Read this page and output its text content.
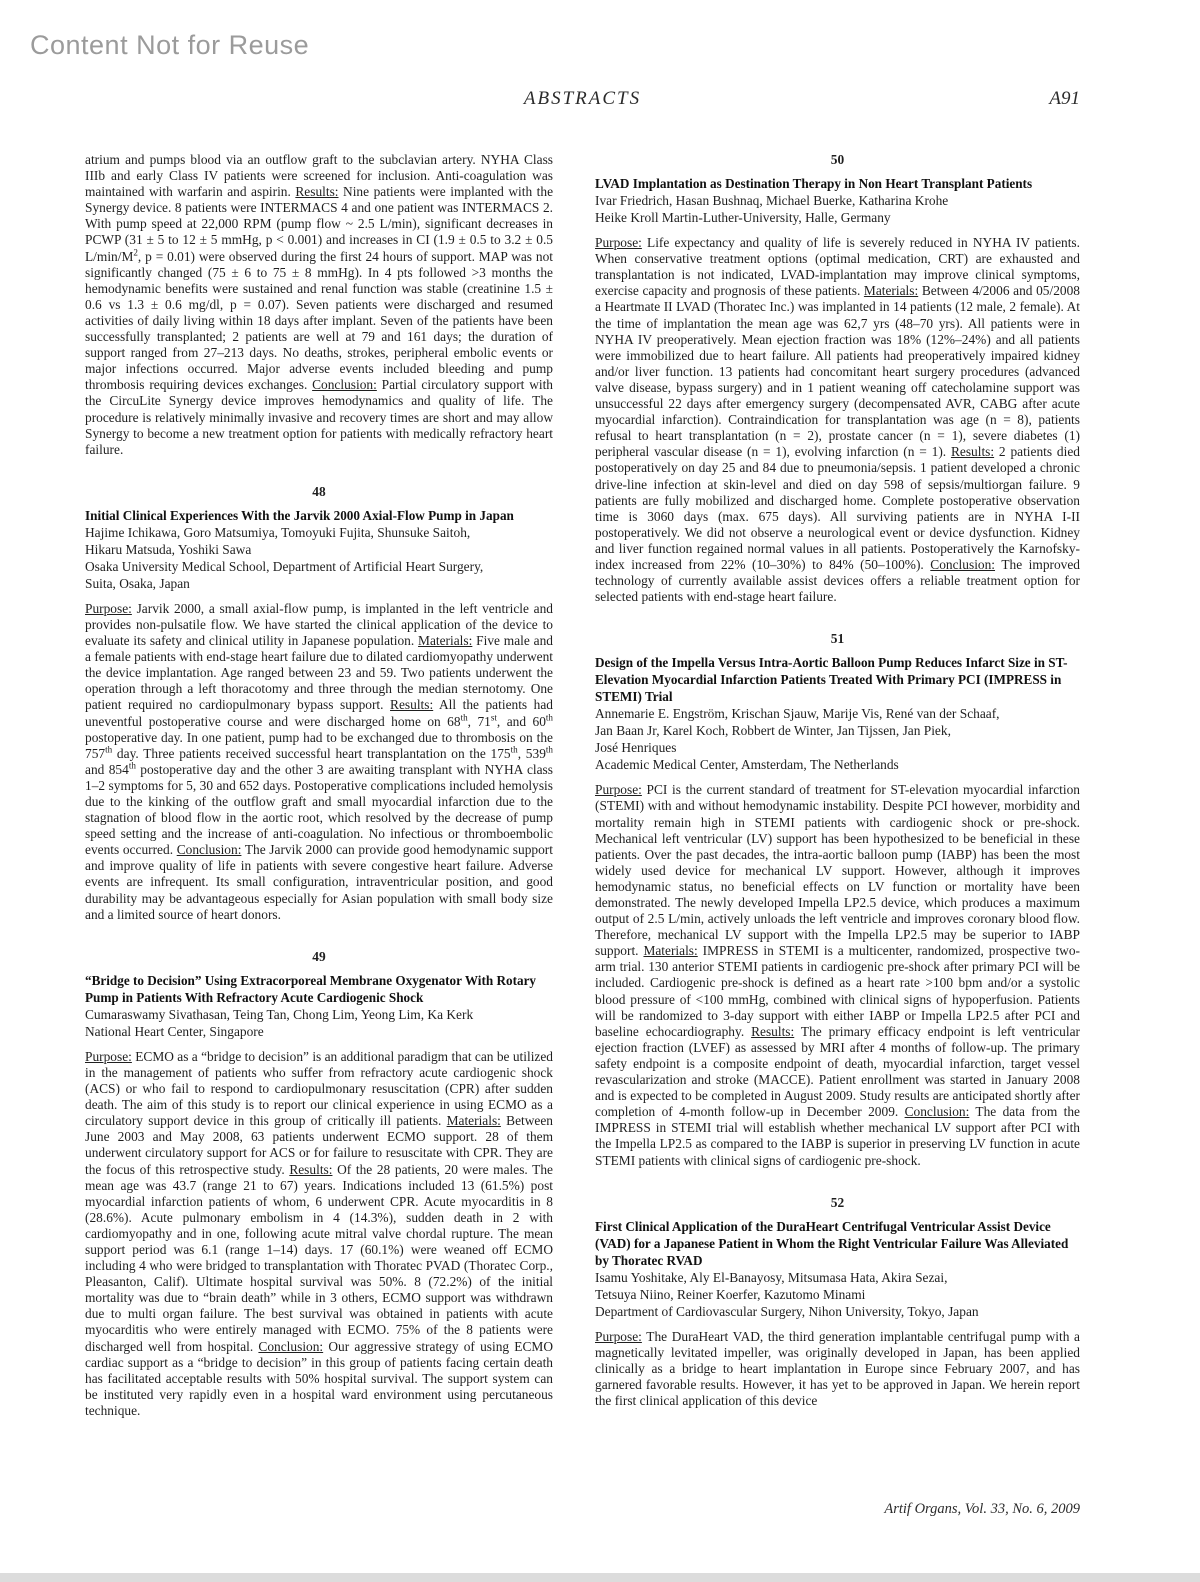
Content Not for Reuse
ABSTRACTS	A91

atrium and pumps blood via an outflow graft to the subclavian artery. NYHA Class IIIb and early Class IV patients were screened for inclusion. Anti-coagulation was maintained with warfarin and aspirin. Results: Nine patients were implanted with the Synergy device. 8 patients were INTERMACS 4 and one patient was INTERMACS 2. With pump speed at 22,000 RPM (pump flow ~ 2.5 L/min), significant decreases in PCWP (31 ± 5 to 12 ± 5 mmHg, p < 0.001) and increases in CI (1.9 ± 0.5 to 3.2 ± 0.5 $L/\min/M^2$, p = 0.01) were observed during the first 24 hours of support. MAP was not significantly changed (75 ± 6 to 75 ± 8 mmHg). In 4 pts followed >3 months the hemodynamic benefits were sustained and renal function was stable (creatinine 1.5 ± 0.6 vs 1.3 ± 0.6 mg/dl, p = 0.07). Seven patients were discharged and resumed activities of daily living within 18 days after implant. Seven of the patients have been successfully transplanted; 2 patients are well at 79 and 161 days; the duration of support ranged from 27–213 days. No deaths, strokes, peripheral embolic events or major infections occurred. Major adverse events included bleeding and pump thrombosis requiring devices exchanges. Conclusion: Partial circulatory support with the CircuLite Synergy device improves hemodynamics and quality of life. The procedure is relatively minimally invasive and recovery times are short and may allow Synergy to become a new treatment option for patients with medically refractory heart failure.

48
Initial Clinical Experiences With the Jarvik 2000 Axial-Flow Pump in Japan
Hajime Ichikawa, Goro Matsumiya, Tomoyuki Fujita, Shunsuke Saitoh,
Hikaru Matsuda, Yoshiki Sawa
Osaka University Medical School, Department of Artificial Heart Surgery,
Suita, Osaka, Japan

Purpose: Jarvik 2000, a small axial-flow pump, is implanted in the left ventricle and provides non-pulsatile flow. We have started the clinical application of the device to evaluate its safety and clinical utility in Japanese population. Materials: Five male and a female patients with end-stage heart failure due to dilated cardiomyopathy underwent the device implantation. Age ranged between 23 and 59. Two patients underwent the operation through a left thoracotomy and three through the median sternotomy. One patient required no cardiopulmonary bypass support. Results: All the patients had uneventful postoperative course and were discharged home on 68th, 71st, and 60th postoperative day. In one patient, pump had to be exchanged due to thrombosis on the 757th day. Three patients received successful heart transplantation on the 175th, 539th and 854th postoperative day and the other 3 are awaiting transplant with NYHA class 1–2 symptoms for 5, 30 and 652 days. Postoperative complications included hemolysis due to the kinking of the outflow graft and small myocardial infarction due to the stagnation of blood flow in the aortic root, which resolved by the decrease of pump speed setting and the increase of anti-coagulation. No infectious or thromboembolic events occurred. Conclusion: The Jarvik 2000 can provide good hemodynamic support and improve quality of life in patients with severe congestive heart failure. Adverse events are infrequent. Its small configuration, intraventricular position, and good durability may be advantageous especially for Asian population with small body size and a limited source of heart donors.

49
“Bridge to Decision” Using Extracorporeal Membrane Oxygenator With Rotary Pump in Patients With Refractory Acute Cardiogenic Shock
Cumaraswamy Sivathasan, Teing Tan, Chong Lim, Yeong Lim, Ka Kerk
National Heart Center, Singapore

Purpose: ECMO as a “bridge to decision” is an additional paradigm that can be utilized in the management of patients who suffer from refractory acute cardiogenic shock (ACS) or who fail to respond to cardiopulmonary resuscitation (CPR) after sudden death. The aim of this study is to report our clinical experience in using ECMO as a circulatory support device in this group of critically ill patients. Materials: Between June 2003 and May 2008, 63 patients underwent ECMO support. 28 of them underwent circulatory support for ACS or for failure to resuscitate with CPR. They are the focus of this retrospective study. Results: Of the 28 patients, 20 were males. The mean age was 43.7 (range 21 to 67) years. Indications included 13 (61.5%) post myocardial infarction patients of whom, 6 underwent CPR. Acute myocarditis in 8 (28.6%). Acute pulmonary embolism in 4 (14.3%), sudden death in 2 with cardiomyopathy and in one, following acute mitral valve chordal rupture. The mean support period was 6.1 (range 1–14) days. 17 (60.1%) were weaned off ECMO including 4 who were bridged to transplantation with Thoratec PVAD (Thoratec Corp., Pleasanton, Calif). Ultimate hospital survival was 50%. 8 (72.2%) of the initial mortality was due to “brain death” while in 3 others, ECMO support was withdrawn due to multi organ failure. The best survival was obtained in patients with acute myocarditis who were entirely managed with ECMO. 75% of the 8 patients were discharged well from hospital. Conclusion: Our aggressive strategy of using ECMO cardiac support as a “bridge to decision” in this group of patients facing certain death has facilitated acceptable results with 50% hospital survival. The support system can be instituted very rapidly even in a hospital ward environment using percutaneous technique.

50
LVAD Implantation as Destination Therapy in Non Heart Transplant Patients
Ivar Friedrich, Hasan Bushnaq, Michael Buerke, Katharina Krohe
Heike Kroll Martin-Luther-University, Halle, Germany

Purpose: Life expectancy and quality of life is severely reduced in NYHA IV patients. When conservative treatment options (optimal medication, CRT) are exhausted and transplantation is not indicated, LVAD-implantation may improve clinical symptoms, exercise capacity and prognosis of these patients. Materials: Between 4/2006 and 05/2008 a Heartmate II LVAD (Thoratec Inc.) was implanted in 14 patients (12 male, 2 female). At the time of implantation the mean age was 62,7 yrs (48–70 yrs). All patients were in NYHA IV preoperatively. Mean ejection fraction was 18% (12%–24%) and all patients were immobilized due to heart failure. All patients had preoperatively impaired kidney and/or liver function. 13 patients had concomitant heart surgery procedures (advanced valve disease, bypass surgery) and in 1 patient weaning off catecholamine support was unsuccessful 22 days after emergency surgery (decompensated AVR, CABG after acute myocardial infarction). Contraindication for transplantation was age (n = 8), patients refusal to heart transplantation (n = 2), prostate cancer (n = 1), severe diabetes (1) peripheral vascular disease (n = 1), evolving infarction (n = 1). Results: 2 patients died postoperatively on day 25 and 84 due to pneumonia/sepsis. 1 patient developed a chronic drive-line infection at skin-level and died on day 598 of sepsis/multiorgan failure. 9 patients are fully mobilized and discharged home. Complete postoperative observation time is 3060 days (max. 675 days). All surviving patients are in NYHA I-II postoperatively. We did not observe a neurological event or device dysfunction. Kidney and liver function regained normal values in all patients. Postoperatively the Karnofsky-index increased from 22% (10–30%) to 84% (50–100%). Conclusion: The improved technology of currently available assist devices offers a reliable treatment option for selected patients with end-stage heart failure.

51
Design of the Impella Versus Intra-Aortic Balloon Pump Reduces Infarct Size in ST-Elevation Myocardial Infarction Patients Treated With Primary PCI (IMPRESS in STEMI) Trial
Annemarie E. Engström, Krischan Sjauw, Marije Vis, René van der Schaaf,
Jan Baan Jr, Karel Koch, Robbert de Winter, Jan Tijssen, Jan Piek,
José Henriques
Academic Medical Center, Amsterdam, The Netherlands

Purpose: PCI is the current standard of treatment for ST-elevation myocardial infarction (STEMI) with and without hemodynamic instability. Despite PCI however, morbidity and mortality remain high in STEMI patients with cardiogenic shock or pre-shock. Mechanical left ventricular (LV) support has been hypothesized to be beneficial in these patients. Over the past decades, the intra-aortic balloon pump (IABP) has been the most widely used device for mechanical LV support. However, although it improves hemodynamic status, no beneficial effects on LV function or mortality have been demonstrated. The newly developed Impella LP2.5 device, which produces a maximum output of 2.5 L/min, actively unloads the left ventricle and improves coronary blood flow. Therefore, mechanical LV support with the Impella LP2.5 may be superior to IABP support. Materials: IMPRESS in STEMI is a multicenter, randomized, prospective two-arm trial. 130 anterior STEMI patients in cardiogenic pre-shock after primary PCI will be included. Cardiogenic pre-shock is defined as a heart rate >100 bpm and/or a systolic blood pressure of <100 mmHg, combined with clinical signs of hypoperfusion. Patients will be randomized to 3-day support with either IABP or Impella LP2.5 after PCI and baseline echocardiography. Results: The primary efficacy endpoint is left ventricular ejection fraction (LVEF) as assessed by MRI after 4 months of follow-up. The primary safety endpoint is a composite endpoint of death, myocardial infarction, target vessel revascularization and stroke (MACCE). Patient enrollment was started in January 2008 and is expected to be completed in August 2009. Study results are anticipated shortly after completion of 4-month follow-up in December 2009. Conclusion: The data from the IMPRESS in STEMI trial will establish whether mechanical LV support after PCI with the Impella LP2.5 as compared to the IABP is superior in preserving LV function in acute STEMI patients with clinical signs of cardiogenic pre-shock.

52
First Clinical Application of the DuraHeart Centrifugal Ventricular Assist Device (VAD) for a Japanese Patient in Whom the Right Ventricular Failure Was Alleviated by Thoratec RVAD
Isamu Yoshitake, Aly El-Banayosy, Mitsumasa Hata, Akira Sezai,
Tetsuya Niino, Reiner Koerfer, Kazutomo Minami
Department of Cardiovascular Surgery, Nihon University, Tokyo, Japan

Purpose: The DuraHeart VAD, the third generation implantable centrifugal pump with a magnetically levitated impeller, was originally developed in Japan, has been applied clinically as a bridge to heart implantation in Europe since February 2007, and has garnered favorable results. However, it has yet to be approved in Japan. We herein report the first clinical application of this device

Artif Organs, Vol. 33, No. 6, 2009
